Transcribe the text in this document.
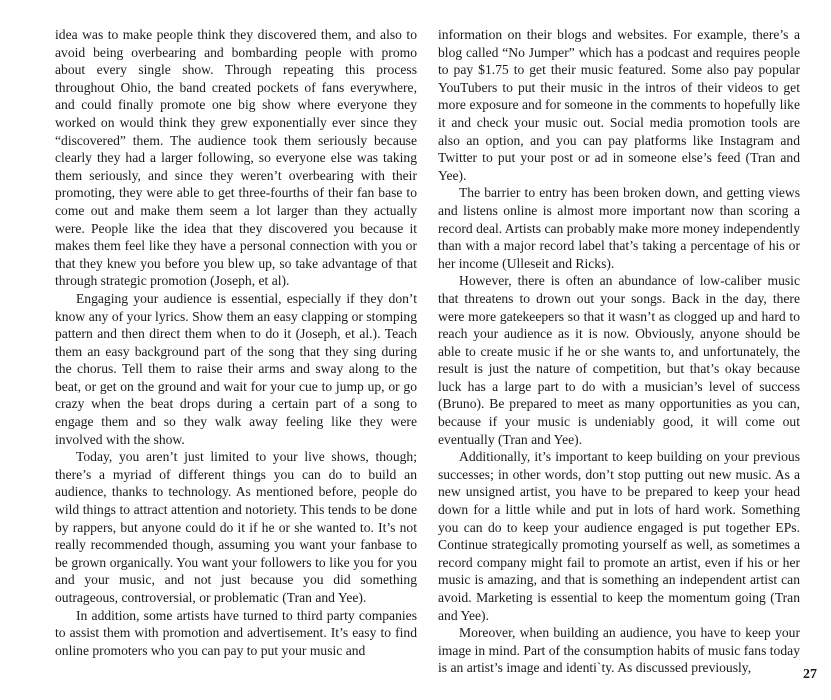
idea was to make people think they discovered them, and also to avoid being overbearing and bombarding people with promo about every single show. Through repeating this process throughout Ohio, the band created pockets of fans everywhere, and could finally promote one big show where everyone they worked on would think they grew exponentially ever since they “discovered” them. The audience took them seriously because clearly they had a larger following, so everyone else was taking them seriously, and since they weren’t overbearing with their promoting, they were able to get three-fourths of their fan base to come out and make them seem a lot larger than they actually were. People like the idea that they discovered you because it makes them feel like they have a personal connection with you or that they knew you before you blew up, so take advantage of that through strategic promotion (Joseph, et al).

Engaging your audience is essential, especially if they don’t know any of your lyrics. Show them an easy clapping or stomping pattern and then direct them when to do it (Joseph, et al.). Teach them an easy background part of the song that they sing during the chorus. Tell them to raise their arms and sway along to the beat, or get on the ground and wait for your cue to jump up, or go crazy when the beat drops during a certain part of a song to engage them and so they walk away feeling like they were involved with the show.

Today, you aren’t just limited to your live shows, though; there’s a myriad of different things you can do to build an audience, thanks to technology. As mentioned before, people do wild things to attract attention and notoriety. This tends to be done by rappers, but anyone could do it if he or she wanted to. It’s not really recommended though, assuming you want your fanbase to be grown organically. You want your followers to like you for you and your music, and not just because you did something outrageous, controversial, or problematic (Tran and Yee).

In addition, some artists have turned to third party companies to assist them with promotion and advertisement. It’s easy to find online promoters who you can pay to put your music and

information on their blogs and websites. For example, there’s a blog called “No Jumper” which has a podcast and requires people to pay $1.75 to get their music featured. Some also pay popular YouTubers to put their music in the intros of their videos to get more exposure and for someone in the comments to hopefully like it and check your music out. Social media promotion tools are also an option, and you can pay platforms like Instagram and Twitter to put your post or ad in someone else’s feed (Tran and Yee).

The barrier to entry has been broken down, and getting views and listens online is almost more important now than scoring a record deal. Artists can probably make more money independently than with a major record label that’s taking a percentage of his or her income (Ulleseit and Ricks).

However, there is often an abundance of low-caliber music that threatens to drown out your songs. Back in the day, there were more gatekeepers so that it wasn’t as clogged up and hard to reach your audience as it is now. Obviously, anyone should be able to create music if he or she wants to, and unfortunately, the result is just the nature of competition, but that’s okay because luck has a large part to do with a musician’s level of success (Bruno). Be prepared to meet as many opportunities as you can, because if your music is undeniably good, it will come out eventually (Tran and Yee).

Additionally, it’s important to keep building on your previous successes; in other words, don’t stop putting out new music. As a new unsigned artist, you have to be prepared to keep your head down for a little while and put in lots of hard work. Something you can do to keep your audience engaged is put together EPs. Continue strategically promoting yourself as well, as sometimes a record company might fail to promote an artist, even if his or her music is amazing, and that is something an independent artist can avoid. Marketing is essential to keep the momentum going (Tran and Yee).

Moreover, when building an audience, you have to keep your image in mind. Part of the consumption habits of music fans today is an artist’s image and identi`ty. As discussed previously,	27
